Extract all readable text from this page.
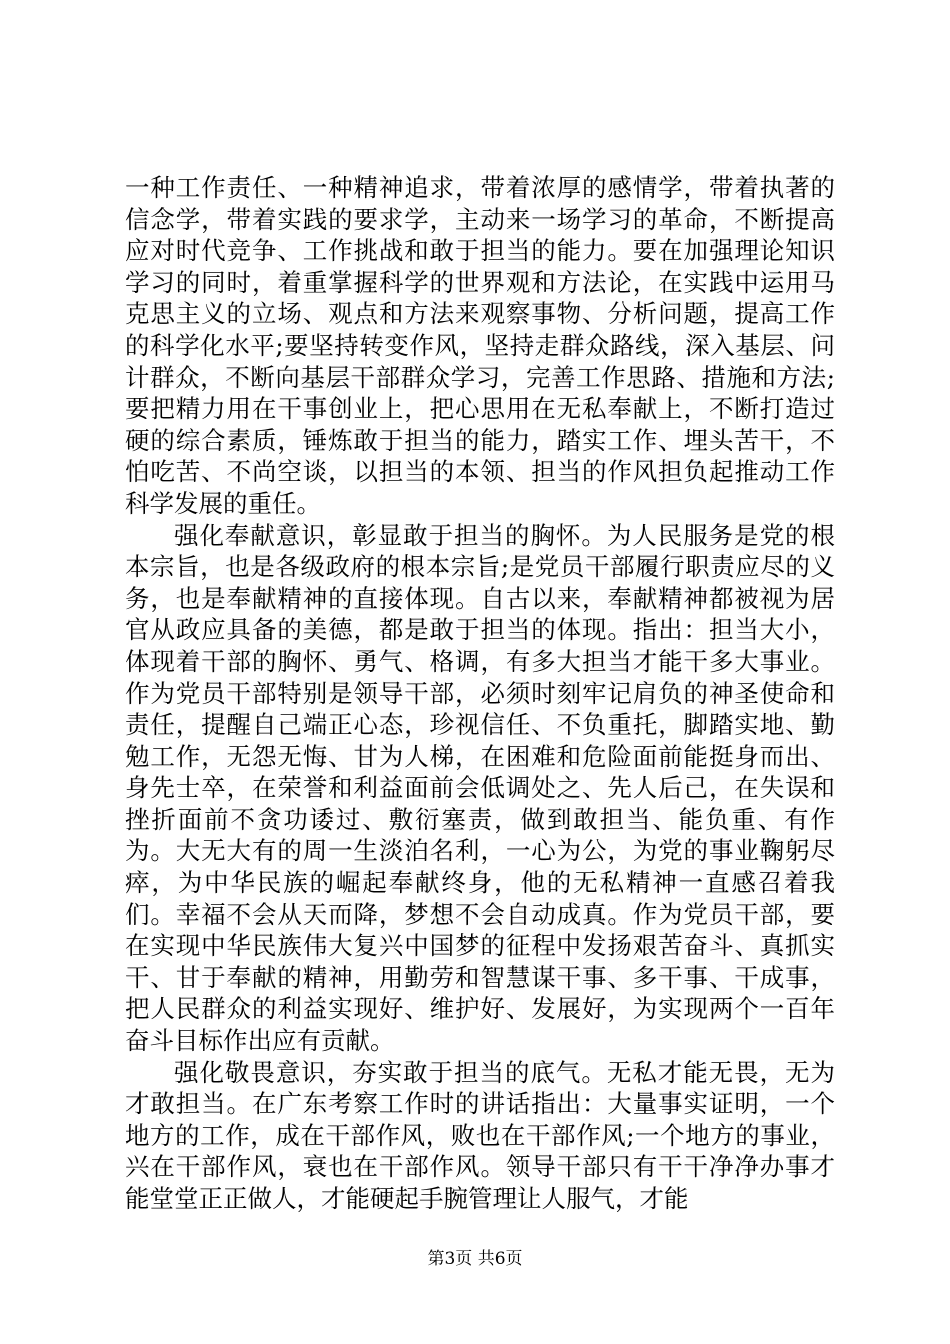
一种工作责任、一种精神追求，带着浓厚的感情学，带着执著的信念学，带着实践的要求学，主动来一场学习的革命，不断提高应对时代竞争、工作挑战和敢于担当的能力。要在加强理论知识学习的同时，着重掌握科学的世界观和方法论，在实践中运用马克思主义的立场、观点和方法来观察事物、分析问题，提高工作的科学化水平;要坚持转变作风，坚持走群众路线，深入基层、问计群众，不断向基层干部群众学习，完善工作思路、措施和方法;要把精力用在干事创业上，把心思用在无私奉献上，不断打造过硬的综合素质，锤炼敢于担当的能力，踏实工作、埋头苦干，不怕吃苦、不尚空谈，以担当的本领、担当的作风担负起推动工作科学发展的重任。

强化奉献意识，彰显敢于担当的胸怀。为人民服务是党的根本宗旨，也是各级政府的根本宗旨;是党员干部履行职责应尽的义务，也是奉献精神的直接体现。自古以来，奉献精神都被视为居官从政应具备的美德，都是敢于担当的体现。指出：担当大小，体现着干部的胸怀、勇气、格调，有多大担当才能干多大事业。作为党员干部特别是领导干部，必须时刻牢记肩负的神圣使命和责任，提醒自己端正心态，珍视信任、不负重托，脚踏实地、勤勉工作，无怨无悔、甘为人梯，在困难和危险面前能挺身而出、身先士卒，在荣誉和利益面前会低调处之、先人后己，在失误和挫折面前不贪功诿过、敷衍塞责，做到敢担当、能负重、有作为。大无大有的周一生淡泊名利，一心为公，为党的事业鞠躬尽瘁，为中华民族的崛起奉献终身，他的无私精神一直感召着我们。幸福不会从天而降，梦想不会自动成真。作为党员干部，要在实现中华民族伟大复兴中国梦的征程中发扬艰苦奋斗、真抓实干、甘于奉献的精神，用勤劳和智慧谋干事、多干事、干成事，把人民群众的利益实现好、维护好、发展好，为实现两个一百年奋斗目标作出应有贡献。

强化敬畏意识，夯实敢于担当的底气。无私才能无畏，无为才敢担当。在广东考察工作时的讲话指出：大量事实证明，一个地方的工作，成在干部作风，败也在干部作风;一个地方的事业，兴在干部作风，衰也在干部作风。领导干部只有干干净净办事才能堂堂正正做人，才能硬起手腕管理让人服气，才能

第3页 共6页
